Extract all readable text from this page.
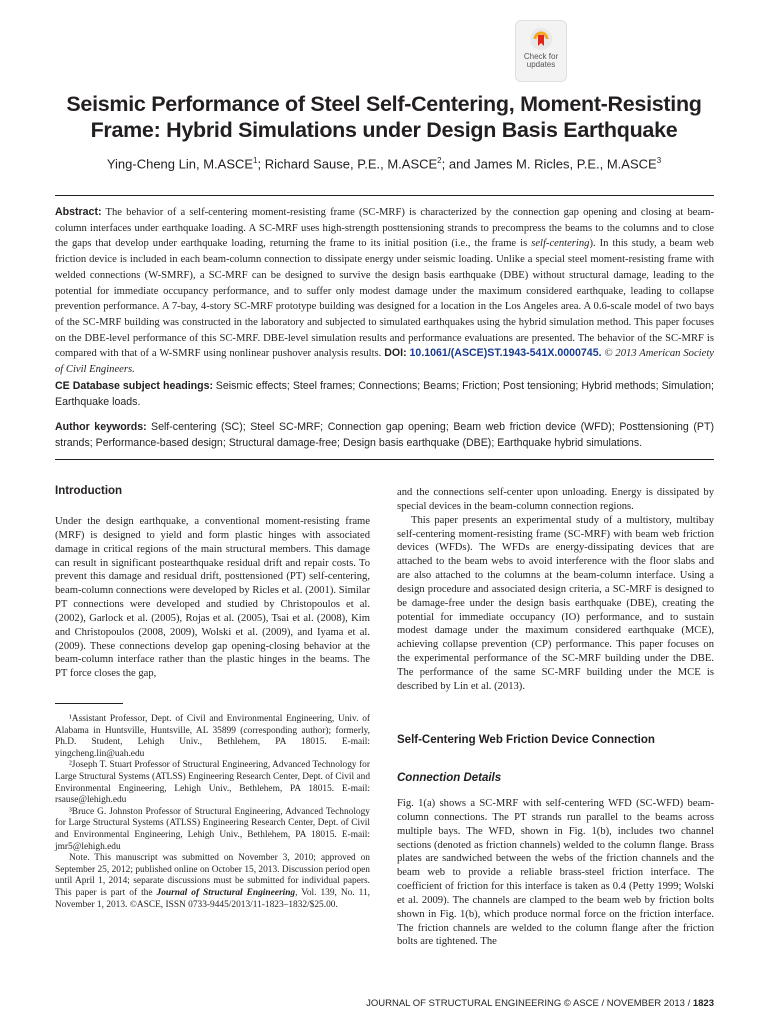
Check for
updates
Seismic Performance of Steel Self-Centering, Moment-Resisting
Frame: Hybrid Simulations under Design Basis Earthquake
Ying-Cheng Lin, M.ASCE$^1$; Richard Sause, P.E., M.ASCE$^2$; and James M. Ricles, P.E., M.ASCE$^3$
Abstract: The behavior of a self-centering moment-resisting frame (SC-MRF) is characterized by the connection gap opening and closing at beam-column interfaces under earthquake loading. A SC-MRF uses high-strength posttensioning strands to precompress the beams to the columns and to close the gaps that develop under earthquake loading, returning the frame to its initial position (i.e., the frame is self-centering). In this study, a beam web friction device is included in each beam-column connection to dissipate energy under seismic loading. Unlike a special steel moment-resisting frame with welded connections (W-SMRF), a SC-MRF can be designed to survive the design basis earthquake (DBE) without structural damage, leading to the potential for immediate occupancy performance, and to suffer only modest damage under the maximum considered earthquake, leading to collapse prevention performance. A 7-bay, 4-story SC-MRF prototype building was designed for a location in the Los Angeles area. A 0.6-scale model of two bays of the SC-MRF building was constructed in the laboratory and subjected to simulated earthquakes using the hybrid simulation method. This paper focuses on the DBE-level performance of this SC-MRF. DBE-level simulation results and performance evaluations are presented. The behavior of the SC-MRF is compared with that of a W-SMRF using nonlinear pushover analysis results. DOI: 10.1061/(ASCE)ST.1943-541X.0000745. © 2013 American Society of Civil Engineers.
CE Database subject headings: Seismic effects; Steel frames; Connections; Beams; Friction; Post tensioning; Hybrid methods; Simulation; Earthquake loads.
Author keywords: Self-centering (SC); Steel SC-MRF; Connection gap opening; Beam web friction device (WFD); Posttensioning (PT) strands; Performance-based design; Structural damage-free; Design basis earthquake (DBE); Earthquake hybrid simulations.
Introduction
Under the design earthquake, a conventional moment-resisting frame (MRF) is designed to yield and form plastic hinges with associated damage in critical regions of the main structural members. This damage can result in significant postearthquake residual drift and repair costs. To prevent this damage and residual drift, posttensioned (PT) self-centering, beam-column connections were developed by Ricles et al. (2001). Similar PT connections were developed and studied by Christopoulos et al. (2002), Garlock et al. (2005), Rojas et al. (2005), Tsai et al. (2008), Kim and Christopoulos (2008, 2009), Wolski et al. (2009), and Iyama et al. (2009). These connections develop gap opening-closing behavior at the beam-column interface rather than the plastic hinges in the beams. The PT force closes the gap,

¹Assistant Professor, Dept. of Civil and Environmental Engineering, Univ. of Alabama in Huntsville, Huntsville, AL 35899 (corresponding author); formerly, Ph.D. Student, Lehigh Univ., Bethlehem, PA 18015. E-mail: yingcheng.lin@uah.edu

²Joseph T. Stuart Professor of Structural Engineering, Advanced Technology for Large Structural Systems (ATLSS) Engineering Research Center, Dept. of Civil and Environmental Engineering, Lehigh Univ., Bethlehem, PA 18015. E-mail: rsause@lehigh.edu

³Bruce G. Johnston Professor of Structural Engineering, Advanced Technology for Large Structural Systems (ATLSS) Engineering Research Center, Dept. of Civil and Environmental Engineering, Lehigh Univ., Bethlehem, PA 18015. E-mail: jmr5@lehigh.edu

Note. This manuscript was submitted on November 3, 2010; approved on September 25, 2012; published online on October 15, 2013. Discussion period open until April 1, 2014; separate discussions must be submitted for individual papers. This paper is part of the Journal of Structural Engineering, Vol. 139, No. 11, November 1, 2013. ©ASCE, ISSN 0733-9445/2013/11-1823–1832/$25.00.

and the connections self-center upon unloading. Energy is dissipated by special devices in the beam-column connection regions.

This paper presents an experimental study of a multistory, multibay self-centering moment-resisting frame (SC-MRF) with beam web friction devices (WFDs). The WFDs are energy-dissipating devices that are attached to the beam webs to avoid interference with the floor slabs and are also attached to the columns at the beam-column interface. Using a design procedure and associated design criteria, a SC-MRF is designed to be damage-free under the design basis earthquake (DBE), creating the potential for immediate occupancy (IO) performance, and to sustain modest damage under the maximum considered earthquake (MCE), achieving collapse prevention (CP) performance. This paper focuses on the experimental performance of the SC-MRF building under the DBE. The performance of the same SC-MRF building under the MCE is described by Lin et al. (2013).

Self-Centering Web Friction Device Connection
Connection Details
Fig. 1(a) shows a SC-MRF with self-centering WFD (SC-WFD) beam-column connections. The PT strands run parallel to the beams across multiple bays. The WFD, shown in Fig. 1(b), includes two channel sections (denoted as friction channels) welded to the column flange. Brass plates are sandwiched between the webs of the friction channels and the beam web to provide a reliable brass-steel friction interface. The coefficient of friction for this interface is taken as 0.4 (Petty 1999; Wolski et al. 2009). The channels are clamped to the beam web by friction bolts shown in Fig. 1(b), which produce normal force on the friction interface. The friction channels are welded to the column flange after the friction bolts are tightened. The
JOURNAL OF STRUCTURAL ENGINEERING © ASCE / NOVEMBER 2013 / 1823
